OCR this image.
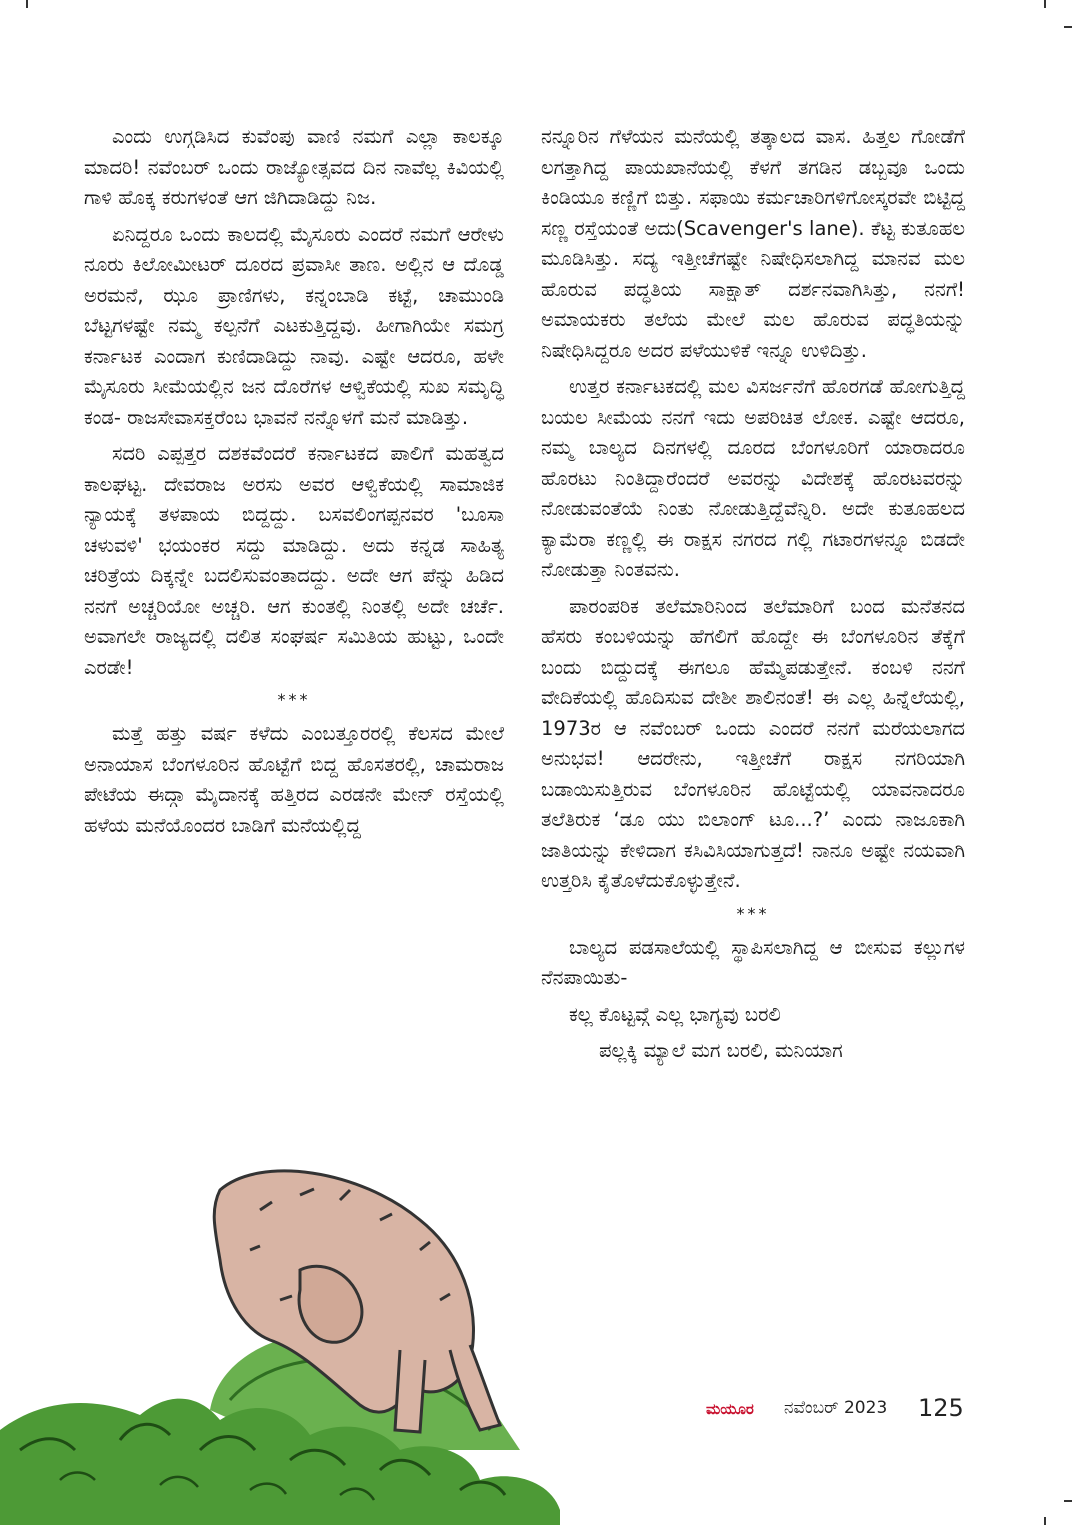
ಎಂದು ಉಗ್ಗಡಿಸಿದ ಕುವೆಂಪು ವಾಣಿ ನಮಗೆ ಎಲ್ಲಾ ಕಾಲಕ್ಕೂ ಮಾದರಿ! ನವೆಂಬರ್ ಒಂದು ರಾಜ್ಯೋತ್ಸವದ ದಿನ ನಾವೆಲ್ಲ ಕಿವಿಯಲ್ಲಿ ಗಾಳಿ ಹೊಕ್ಕ ಕರುಗಳಂತೆ ಆಗ ಜಿಗಿದಾಡಿದ್ದು ನಿಜ.

ಏನಿದ್ದರೂ ಒಂದು ಕಾಲದಲ್ಲಿ ಮೈಸೂರು ಎಂದರೆ ನಮಗೆ ಆರೇಳು ನೂರು ಕಿಲೋಮೀಟರ್ ದೂರದ ಪ್ರವಾಸೀ ತಾಣ. ಅಲ್ಲಿನ ಆ ದೊಡ್ಡ ಅರಮನೆ, ಝೂ ಪ್ರಾಣಿಗಳು, ಕನ್ನಂಬಾಡಿ ಕಟ್ಟೆ, ಚಾಮುಂಡಿ ಬೆಟ್ಟಗಳಷ್ಟೇ ನಮ್ಮ ಕಲ್ಪನೆಗೆ ಎಟಕುತ್ತಿದ್ದವು. ಹೀಗಾಗಿಯೇ ಸಮಗ್ರ ಕರ್ನಾಟಕ ಎಂದಾಗ ಕುಣಿದಾಡಿದ್ದು ನಾವು. ಎಷ್ಟೇ ಆದರೂ, ಹಳೇ ಮೈಸೂರು ಸೀಮೆಯಲ್ಲಿನ ಜನ ದೊರೆಗಳ ಆಳ್ವಿಕೆಯಲ್ಲಿ ಸುಖ ಸಮೃದ್ಧಿ ಕಂಡ- ರಾಜಸೇವಾಸಕ್ತರೆಂಬ ಭಾವನೆ ನನ್ನೊಳಗೆ ಮನೆ ಮಾಡಿತ್ತು.

ಸದರಿ ಎಪ್ಪತ್ತರ ದಶಕವೆಂದರೆ ಕರ್ನಾಟಕದ ಪಾಲಿಗೆ ಮಹತ್ವದ ಕಾಲಘಟ್ಟ. ದೇವರಾಜ ಅರಸು ಅವರ ಆಳ್ವಿಕೆಯಲ್ಲಿ ಸಾಮಾಜಿಕ ನ್ಯಾಯಕ್ಕೆ ತಳಪಾಯ ಬಿದ್ದದ್ದು. ಬಸವಲಿಂಗಪ್ಪನವರ 'ಬೂಸಾ ಚಳುವಳಿ' ಭಯಂಕರ ಸದ್ದು ಮಾಡಿದ್ದು. ಅದು ಕನ್ನಡ ಸಾಹಿತ್ಯ ಚರಿತ್ರೆಯ ದಿಕ್ಕನ್ನೇ ಬದಲಿಸುವಂತಾದದ್ದು. ಅದೇ ಆಗ ಪೆನ್ನು ಹಿಡಿದ ನನಗೆ ಅಚ್ಚರಿಯೋ ಅಚ್ಚರಿ. ಆಗ ಕುಂತಲ್ಲಿ ನಿಂತಲ್ಲಿ ಅದೇ ಚರ್ಚೆ. ಅವಾಗಲೇ ರಾಜ್ಯದಲ್ಲಿ ದಲಿತ ಸಂಘರ್ಷ ಸಮಿತಿಯ ಹುಟ್ಟು, ಒಂದೇ ಎರಡೇ!

***

ಮತ್ತೆ ಹತ್ತು ವರ್ಷ ಕಳೆದು ಎಂಬತ್ತೂರರಲ್ಲಿ ಕೆಲಸದ ಮೇಲೆ ಅನಾಯಾಸ ಬೆಂಗಳೂರಿನ ಹೊಟ್ಟೆಗೆ ಬಿದ್ದ ಹೊಸತರಲ್ಲಿ, ಚಾಮರಾಜ ಪೇಟೆಯ ಈದ್ಗಾ ಮೈದಾನಕ್ಕೆ ಹತ್ತಿರದ ಎರಡನೇ ಮೇನ್ ರಸ್ತೆಯಲ್ಲಿ ಹಳೆಯ ಮನೆಯೊಂದರ ಬಾಡಿಗೆ ಮನೆಯಲ್ಲಿದ್ದ

ನನ್ನೂರಿನ ಗೆಳೆಯನ ಮನೆಯಲ್ಲಿ ತತ್ಕಾಲದ ವಾಸ. ಹಿತ್ತಲ ಗೋಡೆಗೆ ಲಗತ್ತಾಗಿದ್ದ ಪಾಯಖಾನೆಯಲ್ಲಿ ಕೆಳಗೆ ತಗಡಿನ ಡಬ್ಬವೂ ಒಂದು ಕಿಂಡಿಯೂ ಕಣ್ಣಿಗೆ ಬಿತ್ತು. ಸಫಾಯಿ ಕರ್ಮಚಾರಿಗಳಿಗೋಸ್ಕರವೇ ಬಿಟ್ಟಿದ್ದ ಸಣ್ಣ ರಸ್ತೆಯಂತೆ ಅದು(Scavenger's lane). ಕೆಟ್ಟ ಕುತೂಹಲ ಮೂಡಿಸಿತ್ತು. ಸದ್ಯ ಇತ್ತೀಚೆಗಷ್ಟೇ ನಿಷೇಧಿಸಲಾಗಿದ್ದ ಮಾನವ ಮಲ ಹೊರುವ ಪದ್ಧತಿಯ ಸಾಕ್ಷಾತ್ ದರ್ಶನವಾಗಿಸಿತ್ತು, ನನಗೆ! ಅಮಾಯಕರು ತಲೆಯ ಮೇಲೆ ಮಲ ಹೊರುವ ಪದ್ಧತಿಯನ್ನು ನಿಷೇಧಿಸಿದ್ದರೂ ಅದರ ಪಳೆಯುಳಿಕೆ ಇನ್ನೂ ಉಳಿದಿತ್ತು.

ಉತ್ತರ ಕರ್ನಾಟಕದಲ್ಲಿ ಮಲ ವಿಸರ್ಜನೆಗೆ ಹೊರಗಡೆ ಹೋಗುತ್ತಿದ್ದ ಬಯಲ ಸೀಮೆಯ ನನಗೆ ಇದು ಅಪರಿಚಿತ ಲೋಕ. ಎಷ್ಟೇ ಆದರೂ, ನಮ್ಮ ಬಾಲ್ಯದ ದಿನಗಳಲ್ಲಿ ದೂರದ ಬೆಂಗಳೂರಿಗೆ ಯಾರಾದರೂ ಹೊರಟು ನಿಂತಿದ್ದಾರೆಂದರೆ ಅವರನ್ನು ವಿದೇಶಕ್ಕೆ ಹೊರಟವರನ್ನು ನೋಡುವಂತೆಯೆ ನಿಂತು ನೋಡುತ್ತಿದ್ದೆವೆನ್ನಿರಿ. ಅದೇ ಕುತೂಹಲದ ಕ್ಯಾಮೆರಾ ಕಣ್ಣಲ್ಲಿ ಈ ರಾಕ್ಷಸ ನಗರದ ಗಲ್ಲಿ ಗಟಾರಗಳನ್ನೂ ಬಿಡದೇ ನೋಡುತ್ತಾ ನಿಂತವನು.

ಪಾರಂಪರಿಕ ತಲೆಮಾರಿನಿಂದ ತಲೆಮಾರಿಗೆ ಬಂದ ಮನೆತನದ ಹೆಸರು ಕಂಬಳಿಯನ್ನು ಹೆಗಲಿಗೆ ಹೊದ್ದೇ ಈ ಬೆಂಗಳೂರಿನ ತೆಕ್ಕೆಗೆ ಬಂದು ಬಿದ್ದುದಕ್ಕೆ ಈಗಲೂ ಹೆಮ್ಮೆಪಡುತ್ತೇನೆ. ಕಂಬಳಿ ನನಗೆ ವೇದಿಕೆಯಲ್ಲಿ ಹೊದಿಸುವ ದೇಶೀ ಶಾಲಿನಂತೆ! ಈ ಎಲ್ಲ ಹಿನ್ನೆಲೆಯಲ್ಲಿ, 1973ರ ಆ ನವೆಂಬರ್ ಒಂದು ಎಂದರೆ ನನಗೆ ಮರೆಯಲಾಗದ ಅನುಭವ! ಆದರೇನು, ಇತ್ತೀಚೆಗೆ ರಾಕ್ಷಸ ನಗರಿಯಾಗಿ ಬಡಾಯಿಸುತ್ತಿರುವ ಬೆಂಗಳೂರಿನ ಹೊಟ್ಟೆಯಲ್ಲಿ ಯಾವನಾದರೂ ತಲೆತಿರುಕ ‘ಡೂ ಯು ಬಿಲಾಂಗ್ ಟೂ...?’ ಎಂದು ನಾಜೂಕಾಗಿ ಜಾತಿಯನ್ನು ಕೇಳಿದಾಗ ಕಸಿವಿಸಿಯಾಗುತ್ತದೆ! ನಾನೂ ಅಷ್ಟೇ ನಯವಾಗಿ ಉತ್ತರಿಸಿ ಕೈತೊಳೆದುಕೊಳ್ಳುತ್ತೇನೆ.

***

ಬಾಲ್ಯದ ಪಡಸಾಲೆಯಲ್ಲಿ ಸ್ಥಾಪಿಸಲಾಗಿದ್ದ ಆ ಬೀಸುವ ಕಲ್ಲುಗಳ ನೆನಪಾಯಿತು-

ಕಲ್ಲ ಕೊಟ್ಟವ್ಗೆ ಎಲ್ಲ ಭಾಗ್ಯವು ಬರಲಿ

ಪಲ್ಲಕ್ಕಿ ಮ್ಯಾಲೆ ಮಗ ಬರಲಿ, ಮನಿಯಾಗ

ಮಯೂರ ನವೆಂಬರ್ 2023 125
